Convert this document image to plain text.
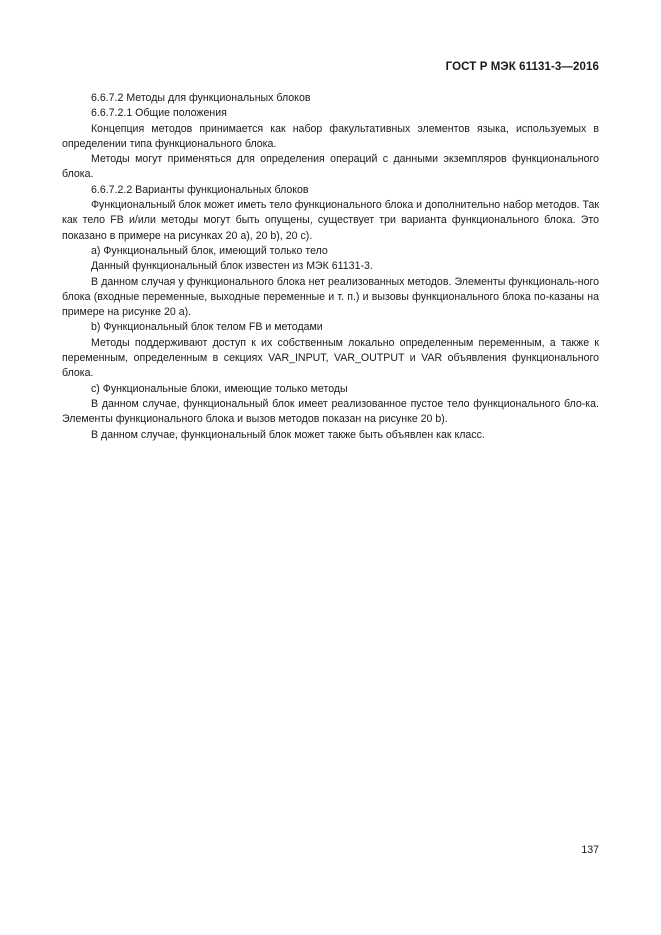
ГОСТ Р МЭК 61131-3—2016

6.6.7.2 Методы для функциональных блоков

6.6.7.2.1 Общие положения

Концепция методов принимается как набор факультативных элементов языка, используемых в определении типа функционального блока.

Методы могут применяться для определения операций с данными экземпляров функционального блока.

6.6.7.2.2 Варианты функциональных блоков

Функциональный блок может иметь тело функционального блока и дополнительно набор методов. Так как тело FB и/или методы могут быть опущены, существует три варианта функционального блока. Это показано в примере на рисунках 20 а), 20 b), 20 c).

а) Функциональный блок, имеющий только тело

Данный функциональный блок известен из МЭК 61131-3.

В данном случая у функционального блока нет реализованных методов. Элементы функциональ-ного блока (входные переменные, выходные переменные и т. п.) и вызовы функционального блока по-казаны на примере на рисунке 20 а).

b) Функциональный блок телом FB и методами

Методы поддерживают доступ к их собственным локально определенным переменным, а также к переменным, определенным в секциях VAR_INPUT, VAR_OUTPUT и VAR объявления функционального блока.

с) Функциональные блоки, имеющие только методы

В данном случае, функциональный блок имеет реализованное пустое тело функционального бло-ка. Элементы функционального блока и вызов методов показан на рисунке 20 b).

В данном случае, функциональный блок может также быть объявлен как класс.

137
